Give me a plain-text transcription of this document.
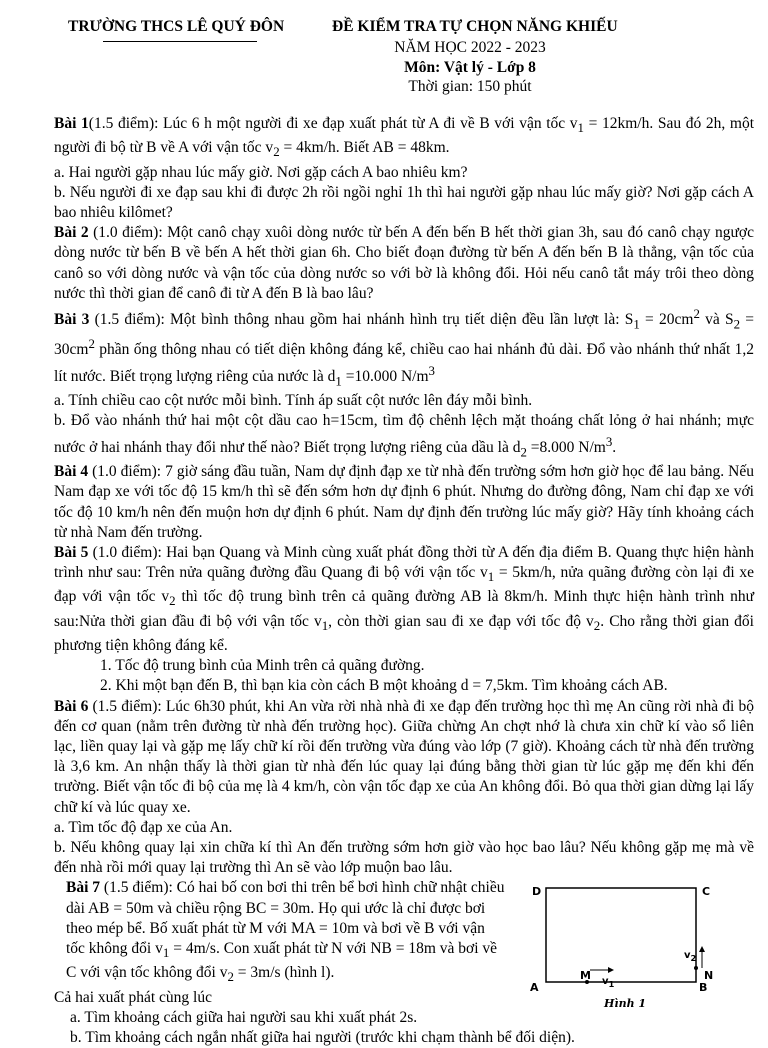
TRƯỜNG THCS LÊ QUÝ ĐÔN	ĐỀ KIỂM TRA TỰ CHỌN NĂNG KHIẾU
NĂM HỌC 2022 - 2023
Môn: Vật lý - Lớp 8
Thời gian: 150 phút

Bài 1(1.5 điểm): Lúc 6 h một người đi xe đạp xuất phát từ A đi về B với vận tốc $v_1 = 12km/h$. Sau đó 2h, một người đi bộ từ B về A với vận tốc $v_2 = 4km/h$. Biết AB = 48km.

a. Hai người gặp nhau lúc mấy giờ. Nơi gặp cách A bao nhiêu km?

b. Nếu người đi xe đạp sau khi đi được 2h rồi ngồi nghỉ 1h thì hai người gặp nhau lúc mấy giờ? Nơi gặp cách A bao nhiêu kilômet?

Bài 2 (1.0 điểm): Một canô chạy xuôi dòng nước từ bến A đến bến B hết thời gian 3h, sau đó canô chạy ngược dòng nước từ bến B về bến A hết thời gian 6h. Cho biết đoạn đường từ bến A đến bến B là thẳng, vận tốc của canô so với dòng nước và vận tốc của dòng nước so với bờ là không đổi. Hỏi nếu canô tắt máy trôi theo dòng nước thì thời gian để canô đi từ A đến B là bao lâu?

Bài 3 (1.5 điểm): Một bình thông nhau gồm hai nhánh hình trụ tiết diện đều lần lượt là: $S_1 = 20cm^2$ và $S_2 = 30cm^2$ phần ống thông nhau có tiết diện không đáng kể, chiều cao hai nhánh đủ dài. Đổ vào nhánh thứ nhất 1,2 lít nước. Biết trọng lượng riêng của nước là $d_1 =10.000$ $N/m^3$

a. Tính chiều cao cột nước mỗi bình. Tính áp suất cột nước lên đáy mỗi bình.

b. Đổ vào nhánh thứ hai một cột dầu cao h=15cm, tìm độ chênh lệch mặt thoáng chất lỏng ở hai nhánh; mực nước ở hai nhánh thay đổi như thế nào? Biết trọng lượng riêng của dầu là $d_2 =8.000$ $N/m^3$.

Bài 4 (1.0 điểm): 7 giờ sáng đầu tuần, Nam dự định đạp xe từ nhà đến trường sớm hơn giờ học để lau bảng. Nếu Nam đạp xe với tốc độ 15 km/h thì sẽ đến sớm hơn dự định 6 phút. Nhưng do đường đông, Nam chỉ đạp xe với tốc độ 10 km/h nên đến muộn hơn dự định 6 phút. Nam dự định đến trường lúc mấy giờ? Hãy tính khoảng cách từ nhà Nam đến trường.

Bài 5 (1.0 điểm): Hai bạn Quang và Minh cùng xuất phát đồng thời từ A đến địa điểm B. Quang thực hiện hành trình như sau: Trên nửa quãng đường đầu Quang đi bộ với vận tốc $v_1 = 5km/h$, nửa quãng đường còn lại đi xe đạp với vận tốc $v_2$ thì tốc độ trung bình trên cả quãng đường AB là 8km/h. Minh thực hiện hành trình như sau:Nửa thời gian đầu đi bộ với vận tốc $v_1$, còn thời gian sau đi xe đạp với tốc độ $v_2$. Cho rằng thời gian đổi phương tiện không đáng kể.

1. Tốc độ trung bình của Minh trên cả quãng đường.

2. Khi một bạn đến B, thì bạn kia còn cách B một khoảng d = 7,5km. Tìm khoảng cách AB.

Bài 6 (1.5 điểm): Lúc 6h30 phút, khi An vừa rời nhà nhà đi xe đạp đến trường học thì mẹ An cũng rời nhà đi bộ đến cơ quan (nằm trên đường từ nhà đến trường học). Giữa chừng An chợt nhớ là chưa xin chữ kí vào sổ liên lạc, liền quay lại và gặp mẹ lấy chữ kí rồi đến trường vừa đúng vào lớp (7 giờ). Khoảng cách từ nhà đến trường là 3,6 km. An nhận thấy là thời gian từ nhà đến lúc quay lại đúng bằng thời gian từ lúc gặp mẹ đến khi đến trường. Biết vận tốc đi bộ của mẹ là 4 km/h, còn vận tốc đạp xe của An không đổi. Bỏ qua thời gian dừng lại lấy chữ kí và lúc quay xe.

a. Tìm tốc độ đạp xe của An.

b. Nếu không quay lại xin chữa kí thì An đến trường sớm hơn giờ vào học bao lâu? Nếu không gặp mẹ mà về đến nhà rồi mới quay lại trường thì An sẽ vào lớp muộn bao lâu.

Bài 7 (1.5 điểm): Có hai bố con bơi thi trên bể bơi hình chữ nhật chiều dài AB = 50m và chiều rộng BC = 30m. Họ qui ước là chỉ được bơi theo mép bể. Bố xuất phát từ M với MA = 10m và bơi về B với vận tốc không đổi $v_1 = 4m/s$. Con xuất phát từ N với NB = 18m và bơi về C với vận tốc không đổi $v_2 = 3m/s$ (hình l).

Cả hai xuất phát cùng lúc

a. Tìm khoảng cách giữa hai người sau khi xuất phát 2s.

b. Tìm khoảng cách ngắn nhất giữa hai người (trước khi chạm thành bể đối diện).

D	C
A	B
M	N
$v_1$
$v_2$
Hình 1
